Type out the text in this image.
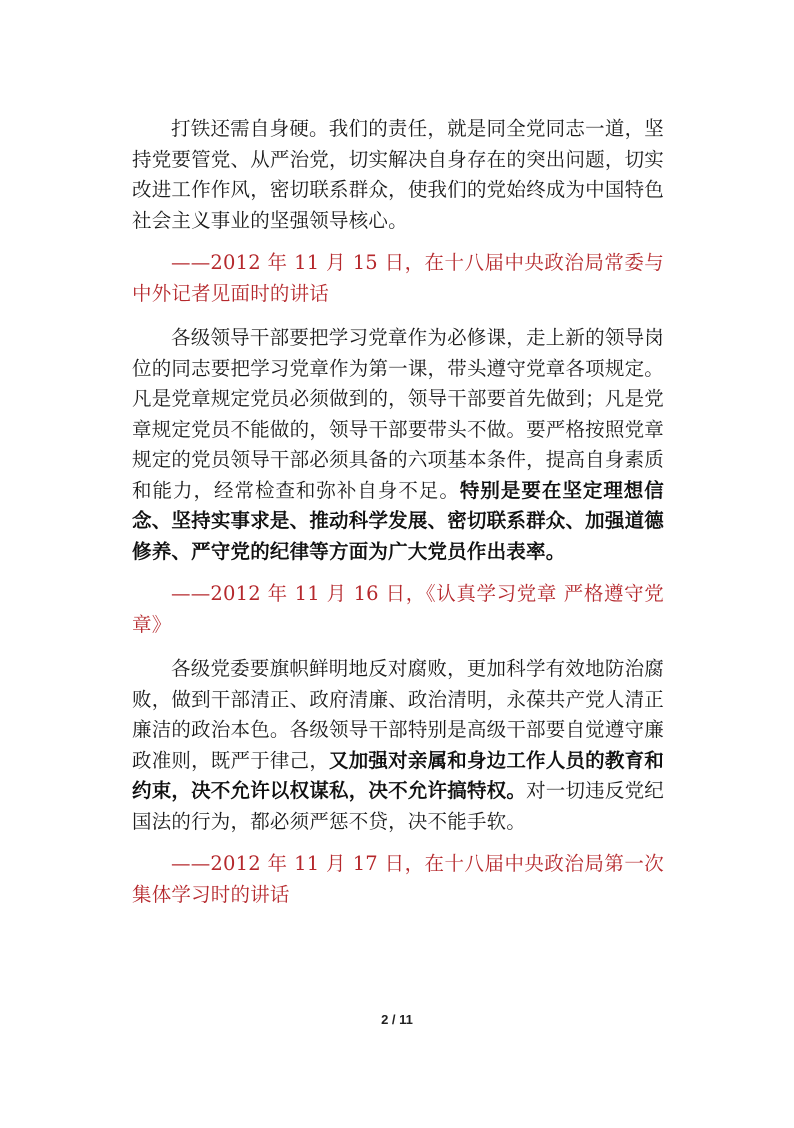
打铁还需自身硬。我们的责任，就是同全党同志一道，坚持党要管党、从严治党，切实解决自身存在的突出问题，切实改进工作作风，密切联系群众，使我们的党始终成为中国特色社会主义事业的坚强领导核心。

——2012 年 11 月 15 日，在十八届中央政治局常委与中外记者见面时的讲话

各级领导干部要把学习党章作为必修课，走上新的领导岗位的同志要把学习党章作为第一课，带头遵守党章各项规定。凡是党章规定党员必须做到的，领导干部要首先做到；凡是党章规定党员不能做的，领导干部要带头不做。要严格按照党章规定的党员领导干部必须具备的六项基本条件，提高自身素质和能力，经常检查和弥补自身不足。特别是要在坚定理想信念、坚持实事求是、推动科学发展、密切联系群众、加强道德修养、严守党的纪律等方面为广大党员作出表率。

——2012 年 11 月 16 日，《认真学习党章 严格遵守党章》

各级党委要旗帜鲜明地反对腐败，更加科学有效地防治腐败，做到干部清正、政府清廉、政治清明，永葆共产党人清正廉洁的政治本色。各级领导干部特别是高级干部要自觉遵守廉政准则，既严于律己，又加强对亲属和身边工作人员的教育和约束，决不允许以权谋私，决不允许搞特权。对一切违反党纪国法的行为，都必须严惩不贷，决不能手软。

——2012 年 11 月 17 日，在十八届中央政治局第一次集体学习时的讲话

2 / 11
